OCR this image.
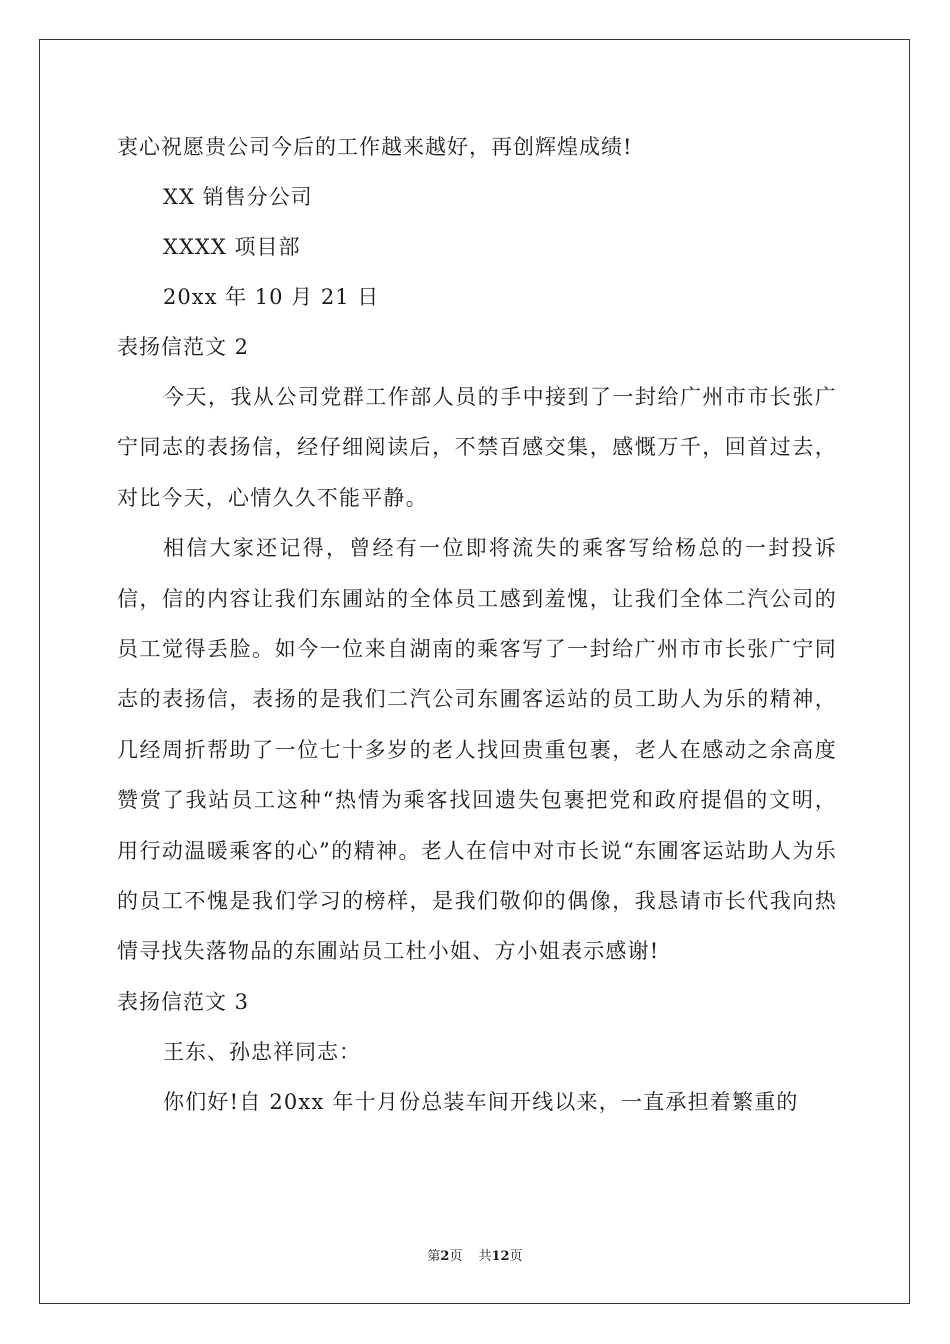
衷心祝愿贵公司今后的工作越来越好，再创辉煌成绩!
XX 销售分公司
XXXX 项目部
20xx 年 10 月 21 日
表扬信范文 2
今天，我从公司党群工作部人员的手中接到了一封给广州市市长张广宁同志的表扬信，经仔细阅读后，不禁百感交集，感慨万千，回首过去，对比今天，心情久久不能平静。
相信大家还记得，曾经有一位即将流失的乘客写给杨总的一封投诉信，信的内容让我们东圃站的全体员工感到羞愧，让我们全体二汽公司的员工觉得丢脸。如今一位来自湖南的乘客写了一封给广州市市长张广宁同志的表扬信，表扬的是我们二汽公司东圃客运站的员工助人为乐的精神，几经周折帮助了一位七十多岁的老人找回贵重包裹，老人在感动之余高度赞赏了我站员工这种“热情为乘客找回遗失包裹把党和政府提倡的文明，用行动温暖乘客的心”的精神。老人在信中对市长说“东圃客运站助人为乐的员工不愧是我们学习的榜样，是我们敬仰的偶像，我恳请市长代我向热情寻找失落物品的东圃站员工杜小姐、方小姐表示感谢!
表扬信范文 3
王东、孙忠祥同志：
你们好!自 20xx 年十月份总装车间开线以来，一直承担着繁重的
第2页 共12页
